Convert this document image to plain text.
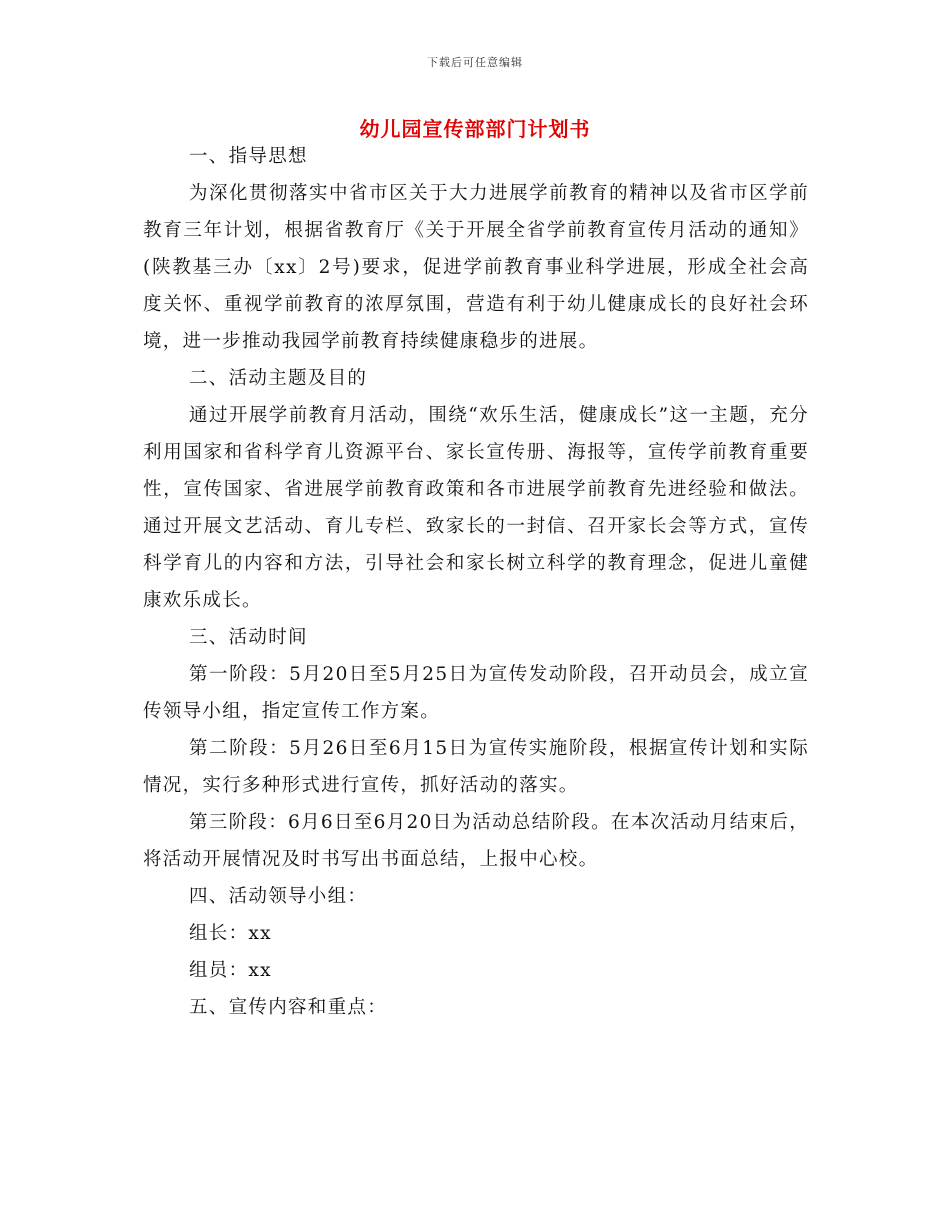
下载后可任意编辑
幼儿园宣传部部门计划书

一、指导思想

为深化贯彻落实中省市区关于大力进展学前教育的精神以及省市区学前教育三年计划，根据省教育厅《关于开展全省学前教育宣传月活动的通知》(陕教基三办〔xx〕2号)要求，促进学前教育事业科学进展，形成全社会高度关怀、重视学前教育的浓厚氛围，营造有利于幼儿健康成长的良好社会环境，进一步推动我园学前教育持续健康稳步的进展。

二、活动主题及目的

通过开展学前教育月活动，围绕“欢乐生活，健康成长”这一主题，充分利用国家和省科学育儿资源平台、家长宣传册、海报等，宣传学前教育重要性，宣传国家、省进展学前教育政策和各市进展学前教育先进经验和做法。通过开展文艺活动、育儿专栏、致家长的一封信、召开家长会等方式，宣传科学育儿的内容和方法，引导社会和家长树立科学的教育理念，促进儿童健康欢乐成长。

三、活动时间

第一阶段：5月20日至5月25日为宣传发动阶段，召开动员会，成立宣传领导小组，指定宣传工作方案。

第二阶段：5月26日至6月15日为宣传实施阶段，根据宣传计划和实际情况，实行多种形式进行宣传，抓好活动的落实。

第三阶段：6月6日至6月20日为活动总结阶段。在本次活动月结束后，将活动开展情况及时书写出书面总结，上报中心校。

四、活动领导小组：

组长：xx

组员：xx

五、宣传内容和重点：
